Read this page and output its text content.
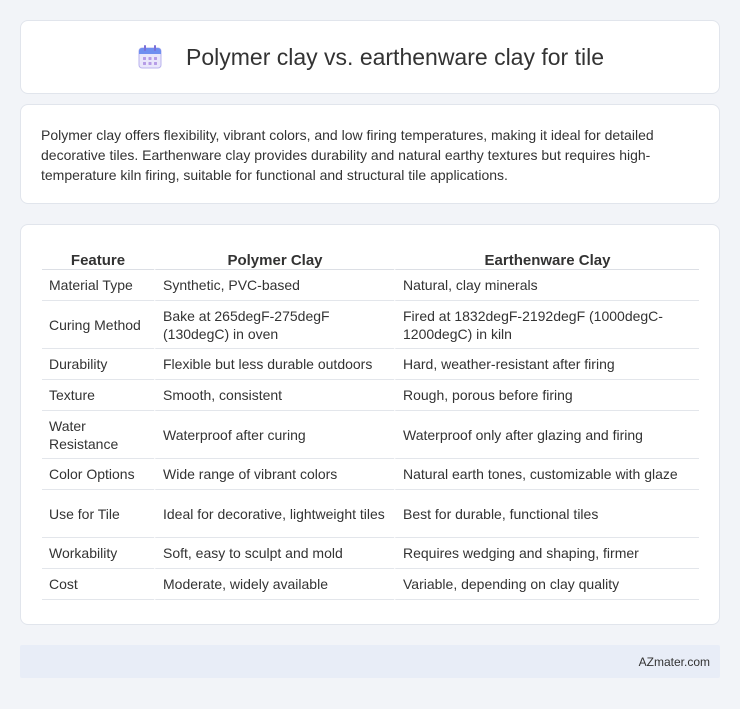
Polymer clay vs. earthenware clay for tile

Polymer clay offers flexibility, vibrant colors, and low firing temperatures, making it ideal for detailed decorative tiles. Earthenware clay provides durability and natural earthy textures but requires high-temperature kiln firing, suitable for functional and structural tile applications.

Feature	Polymer Clay	Earthenware Clay
Material Type	Synthetic, PVC-based	Natural, clay minerals
Curing Method	Bake at 265degF-275degF (130degC) in oven	Fired at 1832degF-2192degF (1000degC-1200degC) in kiln
Durability	Flexible but less durable outdoors	Hard, weather-resistant after firing
Texture	Smooth, consistent	Rough, porous before firing
Water Resistance	Waterproof after curing	Waterproof only after glazing and firing
Color Options	Wide range of vibrant colors	Natural earth tones, customizable with glaze
Use for Tile	Ideal for decorative, lightweight tiles	Best for durable, functional tiles
Workability	Soft, easy to sculpt and mold	Requires wedging and shaping, firmer
Cost	Moderate, widely available	Variable, depending on clay quality
AZmater.com
